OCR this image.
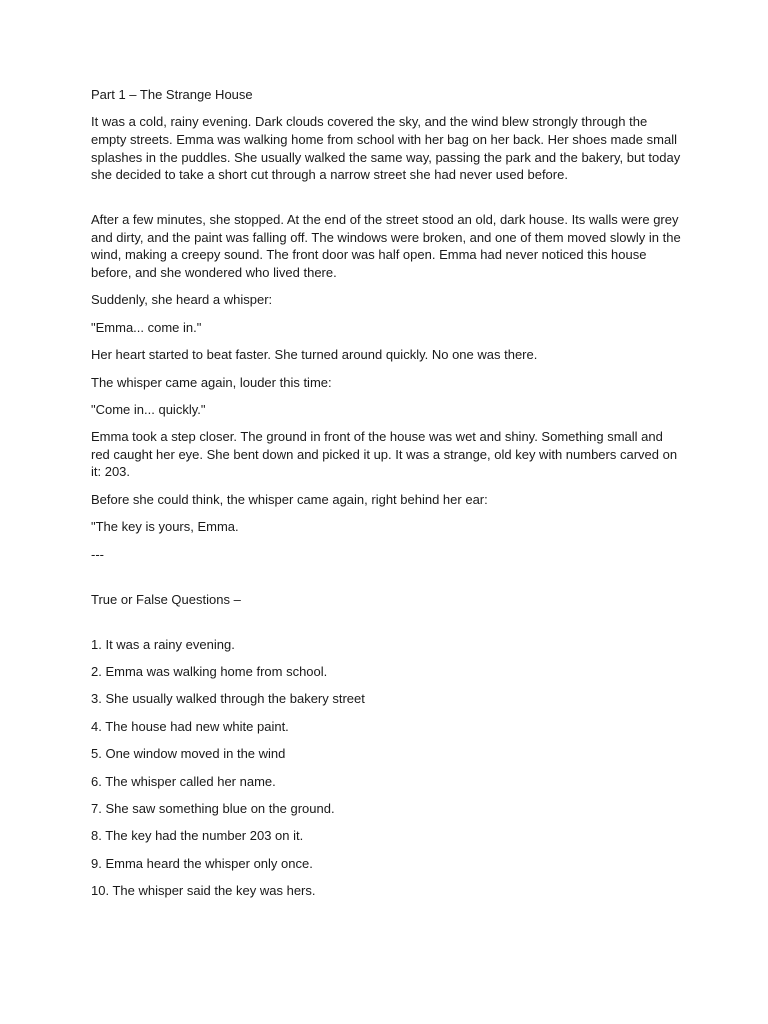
Part 1 – The Strange House

It was a cold, rainy evening. Dark clouds covered the sky, and the wind blew strongly through the empty streets. Emma was walking home from school with her bag on her back. Her shoes made small splashes in the puddles. She usually walked the same way, passing the park and the bakery, but today she decided to take a short cut through a narrow street she had never used before.

After a few minutes, she stopped. At the end of the street stood an old, dark house. Its walls were grey and dirty, and the paint was falling off. The windows were broken, and one of them moved slowly in the wind, making a creepy sound. The front door was half open. Emma had never noticed this house before, and she wondered who lived there.

Suddenly, she heard a whisper:

"Emma... come in."

Her heart started to beat faster. She turned around quickly. No one was there.

The whisper came again, louder this time:

"Come in... quickly."

Emma took a step closer. The ground in front of the house was wet and shiny. Something small and red caught her eye. She bent down and picked it up. It was a strange, old key with numbers carved on it: 203.

Before she could think, the whisper came again, right behind her ear:

"The key is yours, Emma.

---

True or False Questions –

1. It was a rainy evening.

2. Emma was walking home from school.

3. She usually walked through the bakery street

4. The house had new white paint.

5. One window moved in the wind

6. The whisper called her name.

7. She saw something blue on the ground.

8. The key had the number 203 on it.

9. Emma heard the whisper only once.

10. The whisper said the key was hers.
